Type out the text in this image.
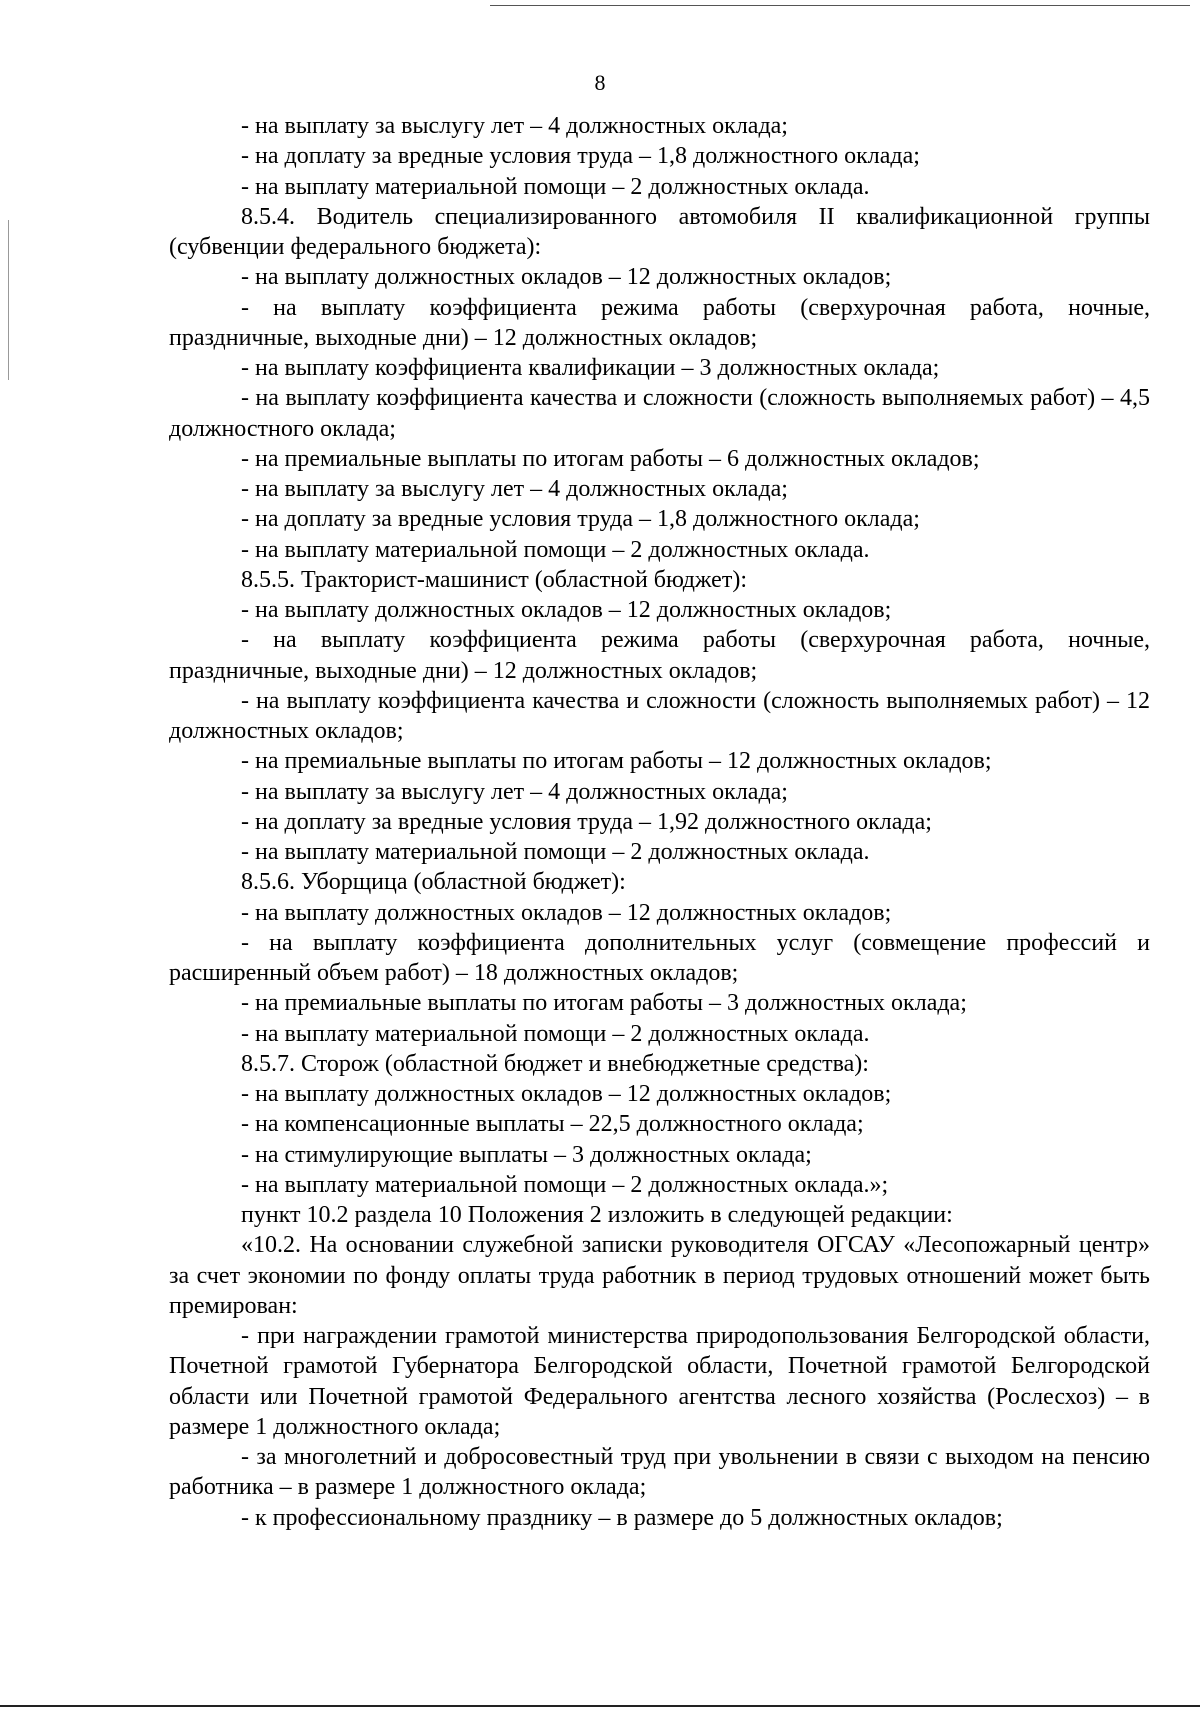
8

- на выплату за выслугу лет – 4 должностных оклада;

- на доплату за вредные условия труда – 1,8 должностного оклада;

- на выплату материальной помощи – 2 должностных оклада.

8.5.4. Водитель специализированного автомобиля II квалификационной группы (субвенции федерального бюджета):

- на выплату должностных окладов – 12 должностных окладов;

- на выплату коэффициента режима работы (сверхурочная работа, ночные, праздничные, выходные дни) – 12 должностных окладов;

- на выплату коэффициента квалификации – 3 должностных оклада;

- на выплату коэффициента качества и сложности (сложность выполняемых работ) – 4,5 должностного оклада;

- на премиальные выплаты по итогам работы – 6 должностных окладов;

- на выплату за выслугу лет – 4 должностных оклада;

- на доплату за вредные условия труда – 1,8 должностного оклада;

- на выплату материальной помощи – 2 должностных оклада.

8.5.5. Тракторист-машинист (областной бюджет):

- на выплату должностных окладов – 12 должностных окладов;

- на выплату коэффициента режима работы (сверхурочная работа, ночные, праздничные, выходные дни) – 12 должностных окладов;

- на выплату коэффициента качества и сложности (сложность выполняемых работ) – 12 должностных окладов;

- на премиальные выплаты по итогам работы – 12 должностных окладов;

- на выплату за выслугу лет – 4 должностных оклада;

- на доплату за вредные условия труда – 1,92 должностного оклада;

- на выплату материальной помощи – 2 должностных оклада.

8.5.6. Уборщица (областной бюджет):

- на выплату должностных окладов – 12 должностных окладов;

- на выплату коэффициента дополнительных услуг (совмещение профессий и расширенный объем работ) – 18 должностных окладов;

- на премиальные выплаты по итогам работы – 3 должностных оклада;

- на выплату материальной помощи – 2 должностных оклада.

8.5.7. Сторож (областной бюджет и внебюджетные средства):

- на выплату должностных окладов – 12 должностных окладов;

- на компенсационные выплаты – 22,5 должностного оклада;

- на стимулирующие выплаты – 3 должностных оклада;

- на выплату материальной помощи – 2 должностных оклада.»;

пункт 10.2 раздела 10 Положения 2 изложить в следующей редакции:

«10.2. На основании служебной записки руководителя ОГСАУ «Лесопожарный центр» за счет экономии по фонду оплаты труда работник в период трудовых отношений может быть премирован:

- при награждении грамотой министерства природопользования Белгородской области, Почетной грамотой Губернатора Белгородской области, Почетной грамотой Белгородской области или Почетной грамотой Федерального агентства лесного хозяйства (Рослесхоз) – в размере 1 должностного оклада;

- за многолетний и добросовестный труд при увольнении в связи с выходом на пенсию работника – в размере 1 должностного оклада;

- к профессиональному празднику – в размере до 5 должностных окладов;
